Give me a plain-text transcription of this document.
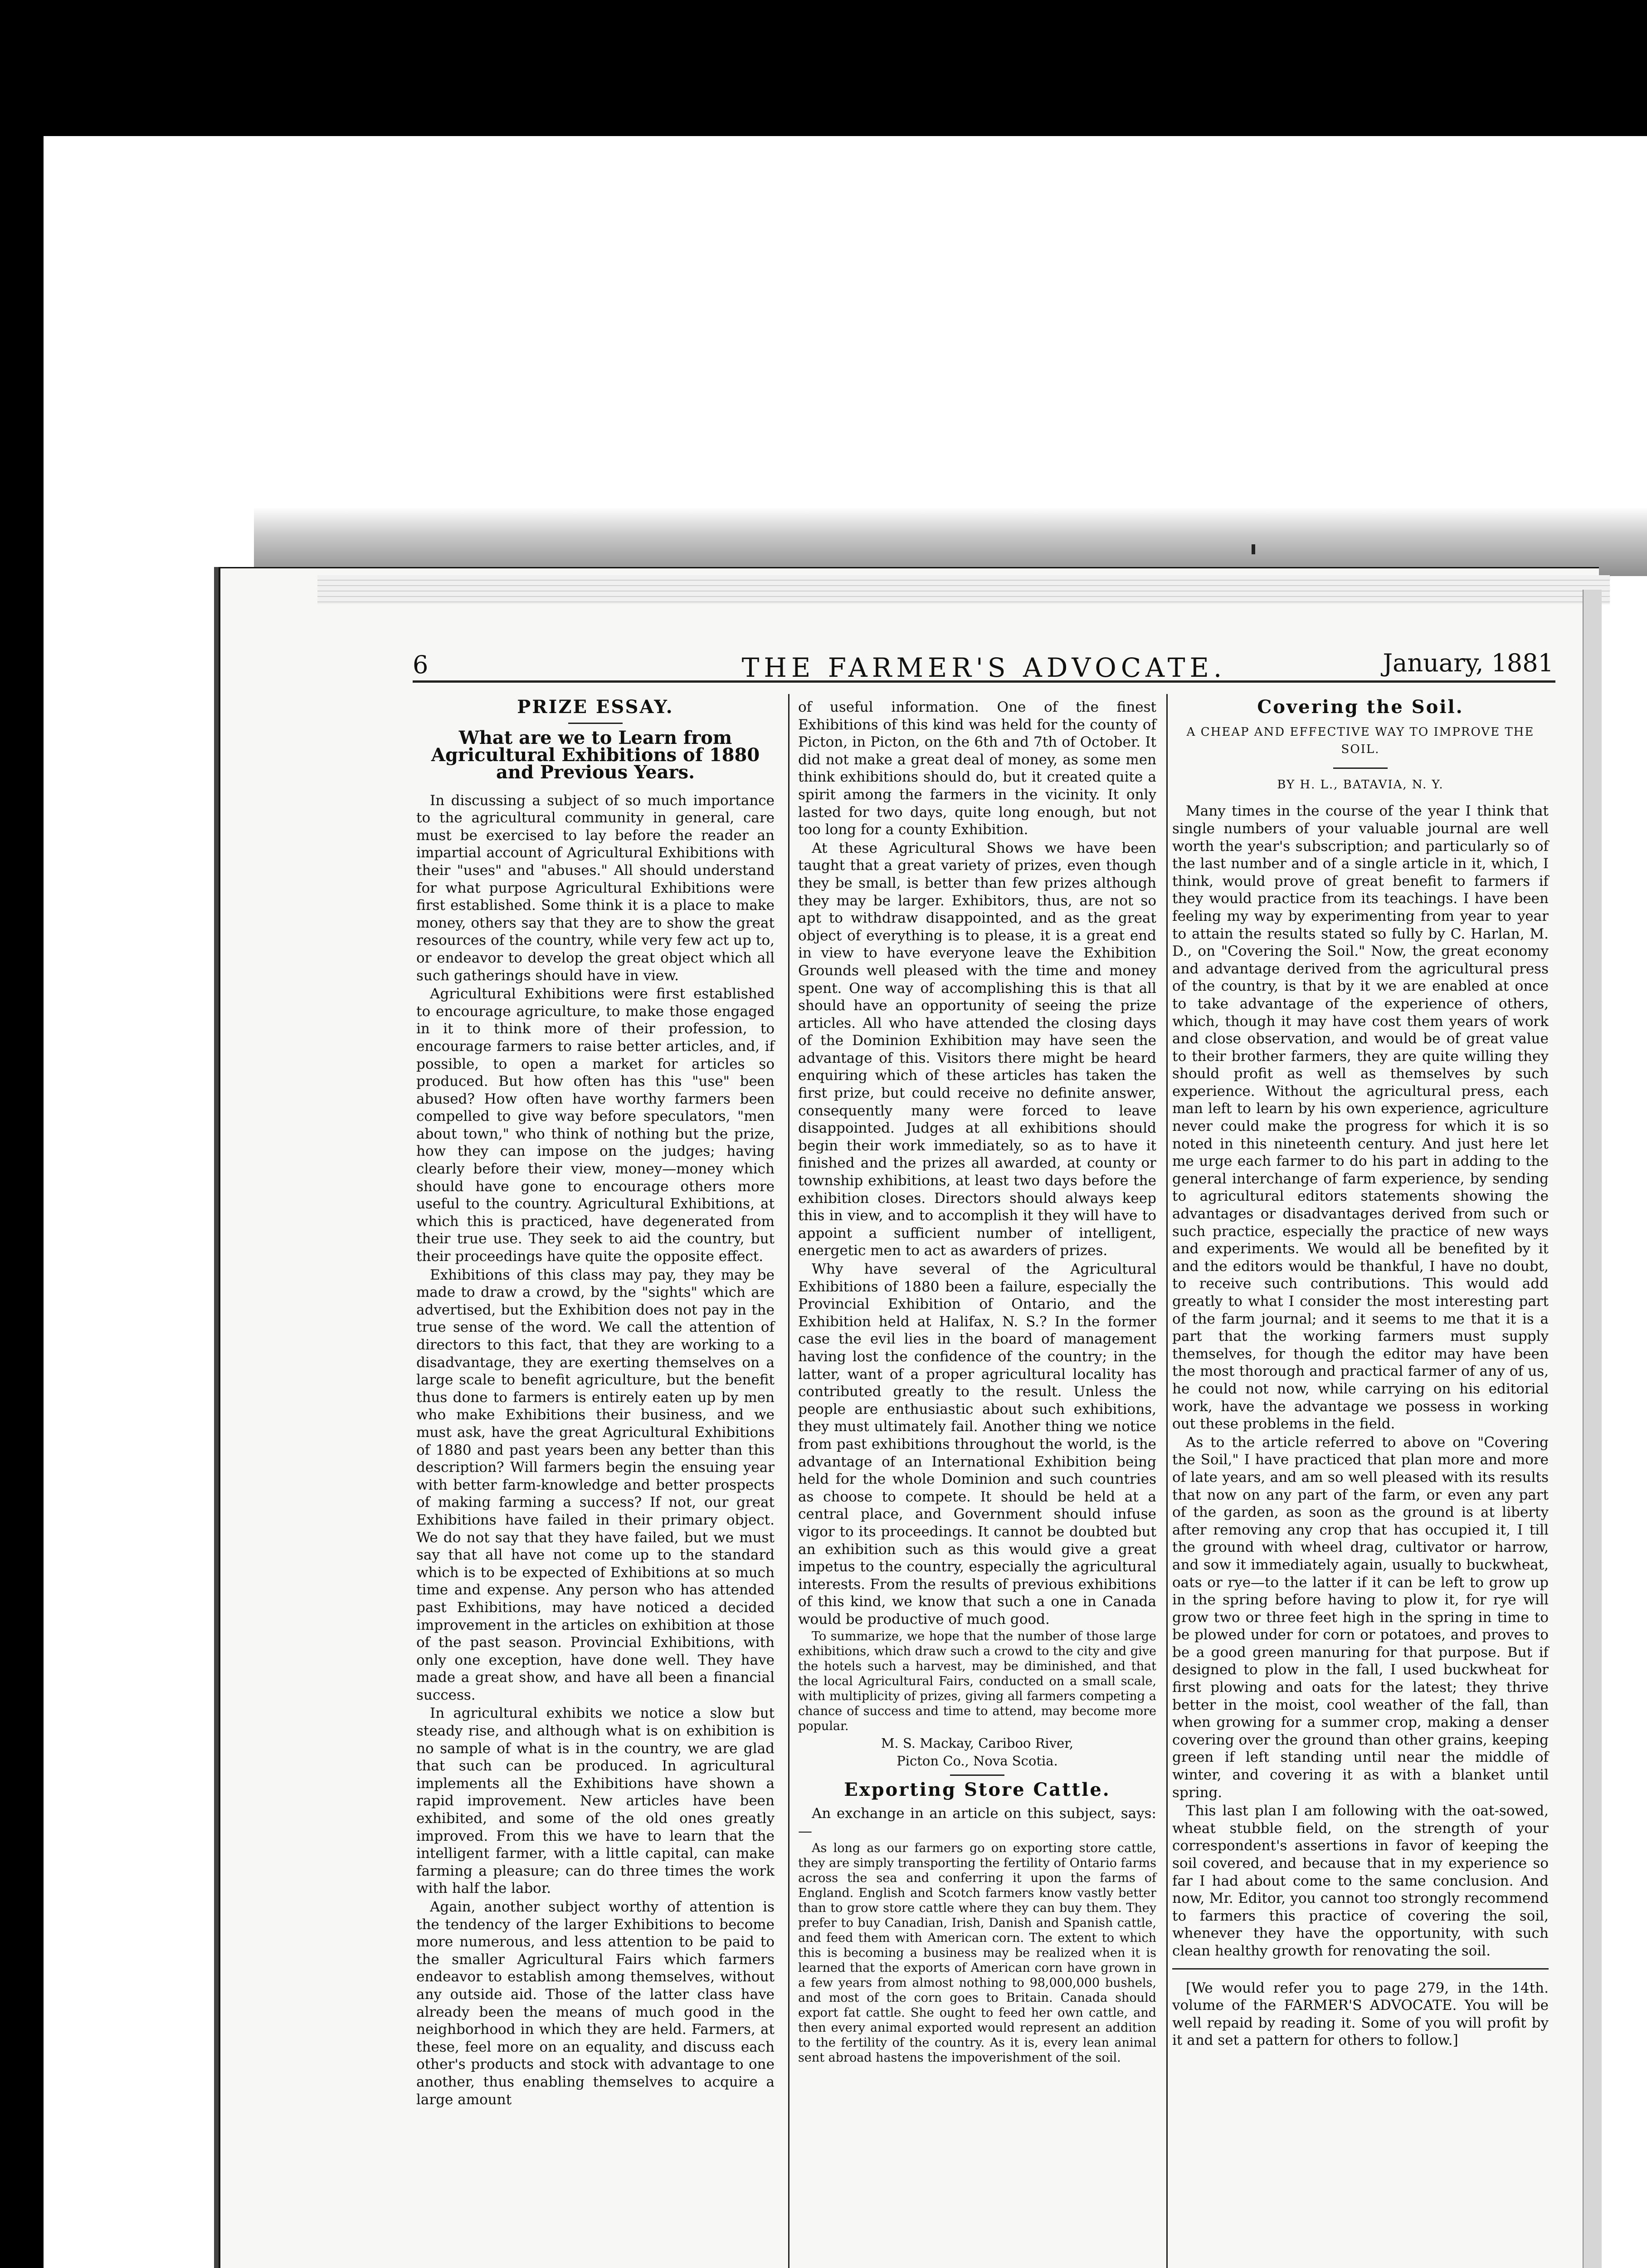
6	THE FARMER'S ADVOCATE.	January, 1881
PRIZE ESSAY.
What are we to Learn from Agricultural Exhibitions of 1880 and Previous Years.

In discussing a subject of so much importance to the agricultural community in general, care must be exercised to lay before the reader an impartial account of Agricultural Exhibitions with their "uses" and "abuses." All should understand for what purpose Agricultural Exhibitions were first established. Some think it is a place to make money, others say that they are to show the great resources of the country, while very few act up to, or endeavor to develop the great object which all such gatherings should have in view.

Agricultural Exhibitions were first established to encourage agriculture, to make those engaged in it to think more of their profession, to encourage farmers to raise better articles, and, if possible, to open a market for articles so produced. But how often has this "use" been abused? How often have worthy farmers been compelled to give way before speculators, "men about town," who think of nothing but the prize, how they can impose on the judges; having clearly before their view, money—money which should have gone to encourage others more useful to the country. Agricultural Exhibitions, at which this is practiced, have degenerated from their true use. They seek to aid the country, but their proceedings have quite the opposite effect.

Exhibitions of this class may pay, they may be made to draw a crowd, by the "sights" which are advertised, but the Exhibition does not pay in the true sense of the word. We call the attention of directors to this fact, that they are working to a disadvantage, they are exerting themselves on a large scale to benefit agriculture, but the benefit thus done to farmers is entirely eaten up by men who make Exhibitions their business, and we must ask, have the great Agricultural Exhibitions of 1880 and past years been any better than this description? Will farmers begin the ensuing year with better farm-knowledge and better prospects of making farming a success? If not, our great Exhibitions have failed in their primary object. We do not say that they have failed, but we must say that all have not come up to the standard which is to be expected of Exhibitions at so much time and expense. Any person who has attended past Exhibitions, may have noticed a decided improvement in the articles on exhibition at those of the past season. Provincial Exhibitions, with only one exception, have done well. They have made a great show, and have all been a financial success.

In agricultural exhibits we notice a slow but steady rise, and although what is on exhibition is no sample of what is in the country, we are glad that such can be produced. In agricultural implements all the Exhibitions have shown a rapid improvement. New articles have been exhibited, and some of the old ones greatly improved. From this we have to learn that the intelligent farmer, with a little capital, can make farming a pleasure; can do three times the work with half the labor.

Again, another subject worthy of attention is the tendency of the larger Exhibitions to become more numerous, and less attention to be paid to the smaller Agricultural Fairs which farmers endeavor to establish among themselves, without any outside aid. Those of the latter class have already been the means of much good in the neighborhood in which they are held. Farmers, at these, feel more on an equality, and discuss each other's products and stock with advantage to one another, thus enabling themselves to acquire a large amount

of useful information. One of the finest Exhibitions of this kind was held for the county of Picton, in Picton, on the 6th and 7th of October. It did not make a great deal of money, as some men think exhibitions should do, but it created quite a spirit among the farmers in the vicinity. It only lasted for two days, quite long enough, but not too long for a county Exhibition.

At these Agricultural Shows we have been taught that a great variety of prizes, even though they be small, is better than few prizes although they may be larger. Exhibitors, thus, are not so apt to withdraw disappointed, and as the great object of everything is to please, it is a great end in view to have everyone leave the Exhibition Grounds well pleased with the time and money spent. One way of accomplishing this is that all should have an opportunity of seeing the prize articles. All who have attended the closing days of the Dominion Exhibition may have seen the advantage of this. Visitors there might be heard enquiring which of these articles has taken the first prize, but could receive no definite answer, consequently many were forced to leave disappointed. Judges at all exhibitions should begin their work immediately, so as to have it finished and the prizes all awarded, at county or township exhibitions, at least two days before the exhibition closes. Directors should always keep this in view, and to accomplish it they will have to appoint a sufficient number of intelligent, energetic men to act as awarders of prizes.

Why have several of the Agricultural Exhibitions of 1880 been a failure, especially the Provincial Exhibition of Ontario, and the Exhibition held at Halifax, N. S.? In the former case the evil lies in the board of management having lost the confidence of the country; in the latter, want of a proper agricultural locality has contributed greatly to the result. Unless the people are enthusiastic about such exhibitions, they must ultimately fail. Another thing we notice from past exhibitions throughout the world, is the advantage of an International Exhibition being held for the whole Dominion and such countries as choose to compete. It should be held at a central place, and Government should infuse vigor to its proceedings. It cannot be doubted but an exhibition such as this would give a great impetus to the country, especially the agricultural interests. From the results of previous exhibitions of this kind, we know that such a one in Canada would be productive of much good.

To summarize, we hope that the number of those large exhibitions, which draw such a crowd to the city and give the hotels such a harvest, may be diminished, and that the local Agricultural Fairs, conducted on a small scale, with multiplicity of prizes, giving all farmers competing a chance of success and time to attend, may become more popular.

M. S. Mackay, Cariboo River,
Picton Co., Nova Scotia.
Exporting Store Cattle.

An exchange in an article on this subject, says:—

As long as our farmers go on exporting store cattle, they are simply transporting the fertility of Ontario farms across the sea and conferring it upon the farms of England. English and Scotch farmers know vastly better than to grow store cattle where they can buy them. They prefer to buy Canadian, Irish, Danish and Spanish cattle, and feed them with American corn. The extent to which this is becoming a business may be realized when it is learned that the exports of American corn have grown in a few years from almost nothing to 98,000,000 bushels, and most of the corn goes to Britain. Canada should export fat cattle. She ought to feed her own cattle, and then every animal exported would represent an addition to the fertility of the country. As it is, every lean animal sent abroad hastens the impoverishment of the soil.

Covering the Soil.
A CHEAP AND EFFECTIVE WAY TO IMPROVE THE SOIL.
BY H. L., BATAVIA, N. Y.

Many times in the course of the year I think that single numbers of your valuable journal are well worth the year's subscription; and particularly so of the last number and of a single article in it, which, I think, would prove of great benefit to farmers if they would practice from its teachings. I have been feeling my way by experimenting from year to year to attain the results stated so fully by C. Harlan, M. D., on "Covering the Soil." Now, the great economy and advantage derived from the agricultural press of the country, is that by it we are enabled at once to take advantage of the experience of others, which, though it may have cost them years of work and close observation, and would be of great value to their brother farmers, they are quite willing they should profit as well as themselves by such experience. Without the agricultural press, each man left to learn by his own experience, agriculture never could make the progress for which it is so noted in this nineteenth century. And just here let me urge each farmer to do his part in adding to the general interchange of farm experience, by sending to agricultural editors statements showing the advantages or disadvantages derived from such or such practice, especially the practice of new ways and experiments. We would all be benefited by it and the editors would be thankful, I have no doubt, to receive such contributions. This would add greatly to what I consider the most interesting part of the farm journal; and it seems to me that it is a part that the working farmers must supply themselves, for though the editor may have been the most thorough and practical farmer of any of us, he could not now, while carrying on his editorial work, have the advantage we possess in working out these problems in the field.

As to the article referred to above on "Covering the Soil," I have practiced that plan more and more of late years, and am so well pleased with its results that now on any part of the farm, or even any part of the garden, as soon as the ground is at liberty after removing any crop that has occupied it, I till the ground with wheel drag, cultivator or harrow, and sow it immediately again, usually to buckwheat, oats or rye—to the latter if it can be left to grow up in the spring before having to plow it, for rye will grow two or three feet high in the spring in time to be plowed under for corn or potatoes, and proves to be a good green manuring for that purpose. But if designed to plow in the fall, I used buckwheat for first plowing and oats for the latest; they thrive better in the moist, cool weather of the fall, than when growing for a summer crop, making a denser covering over the ground than other grains, keeping green if left standing until near the middle of winter, and covering it as with a blanket until spring.

This last plan I am following with the oat-sowed, wheat stubble field, on the strength of your correspondent's assertions in favor of keeping the soil covered, and because that in my experience so far I had about come to the same conclusion. And now, Mr. Editor, you cannot too strongly recommend to farmers this practice of covering the soil, whenever they have the opportunity, with such clean healthy growth for renovating the soil.

[We would refer you to page 279, in the 14th. volume of the FARMER'S ADVOCATE. You will be well repaid by reading it. Some of you will profit by it and set a pattern for others to follow.]
